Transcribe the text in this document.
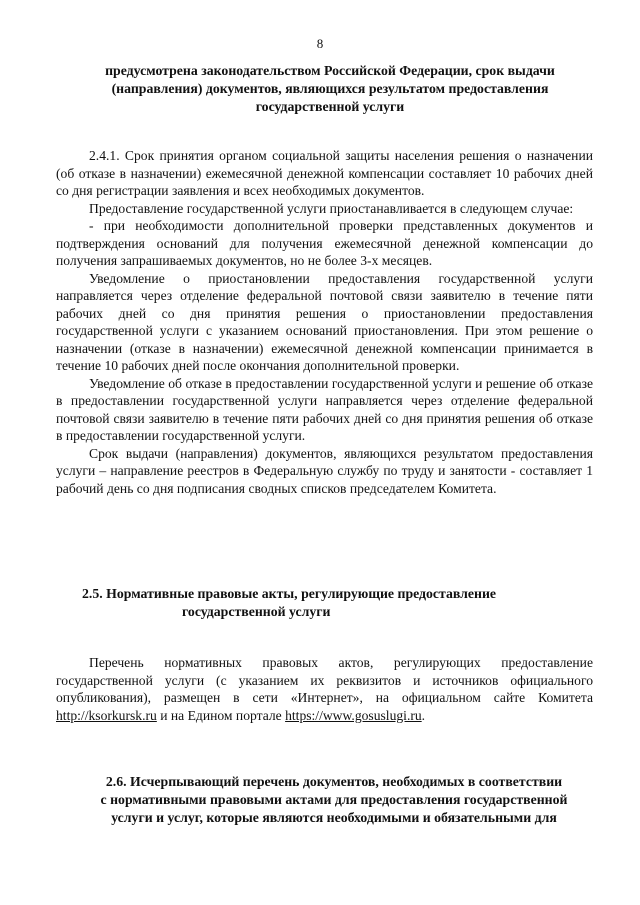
8
предусмотрена законодательством Российской Федерации, срок выдачи
(направления) документов, являющихся результатом предоставления
государственной услуги

2.4.1. Срок принятия органом социальной защиты населения решения о назначении (об отказе в назначении) ежемесячной денежной компенсации составляет 10 рабочих дней со дня регистрации заявления и всех необходимых документов.

Предоставление государственной услуги приостанавливается в следующем случае:

- при необходимости дополнительной проверки представленных документов и подтверждения оснований для получения ежемесячной денежной компенсации до получения запрашиваемых документов, но не более 3-х месяцев.

Уведомление о приостановлении предоставления государственной услуги направляется через отделение федеральной почтовой связи заявителю в течение пяти рабочих дней со дня принятия решения о приостановлении предоставления государственной услуги с указанием оснований приостановления. При этом решение о назначении (отказе в назначении) ежемесячной денежной компенсации принимается в течение 10 рабочих дней после окончания дополнительной проверки.

Уведомление об отказе в предоставлении государственной услуги и решение об отказе в предоставлении государственной услуги направляется через отделение федеральной почтовой связи заявителю в течение пяти рабочих дней со дня принятия решения об отказе в предоставлении государственной услуги.

Срок выдачи (направления) документов, являющихся результатом предоставления услуги – направление реестров в Федеральную службу по труду и занятости - составляет 1 рабочий день со дня подписания сводных списков председателем Комитета.

2.5. Нормативные правовые акты, регулирующие предоставление
государственной услуги

Перечень нормативных правовых актов, регулирующих предоставление государственной услуги (с указанием их реквизитов и источников официального опубликования), размещен в сети «Интернет», на официальном сайте Комитета http://ksorkursk.ru и на Едином портале https://www.gosuslugi.ru.

2.6. Исчерпывающий перечень документов, необходимых в соответствии
с нормативными правовыми актами для предоставления государственной
услуги и услуг, которые являются необходимыми и обязательными для
